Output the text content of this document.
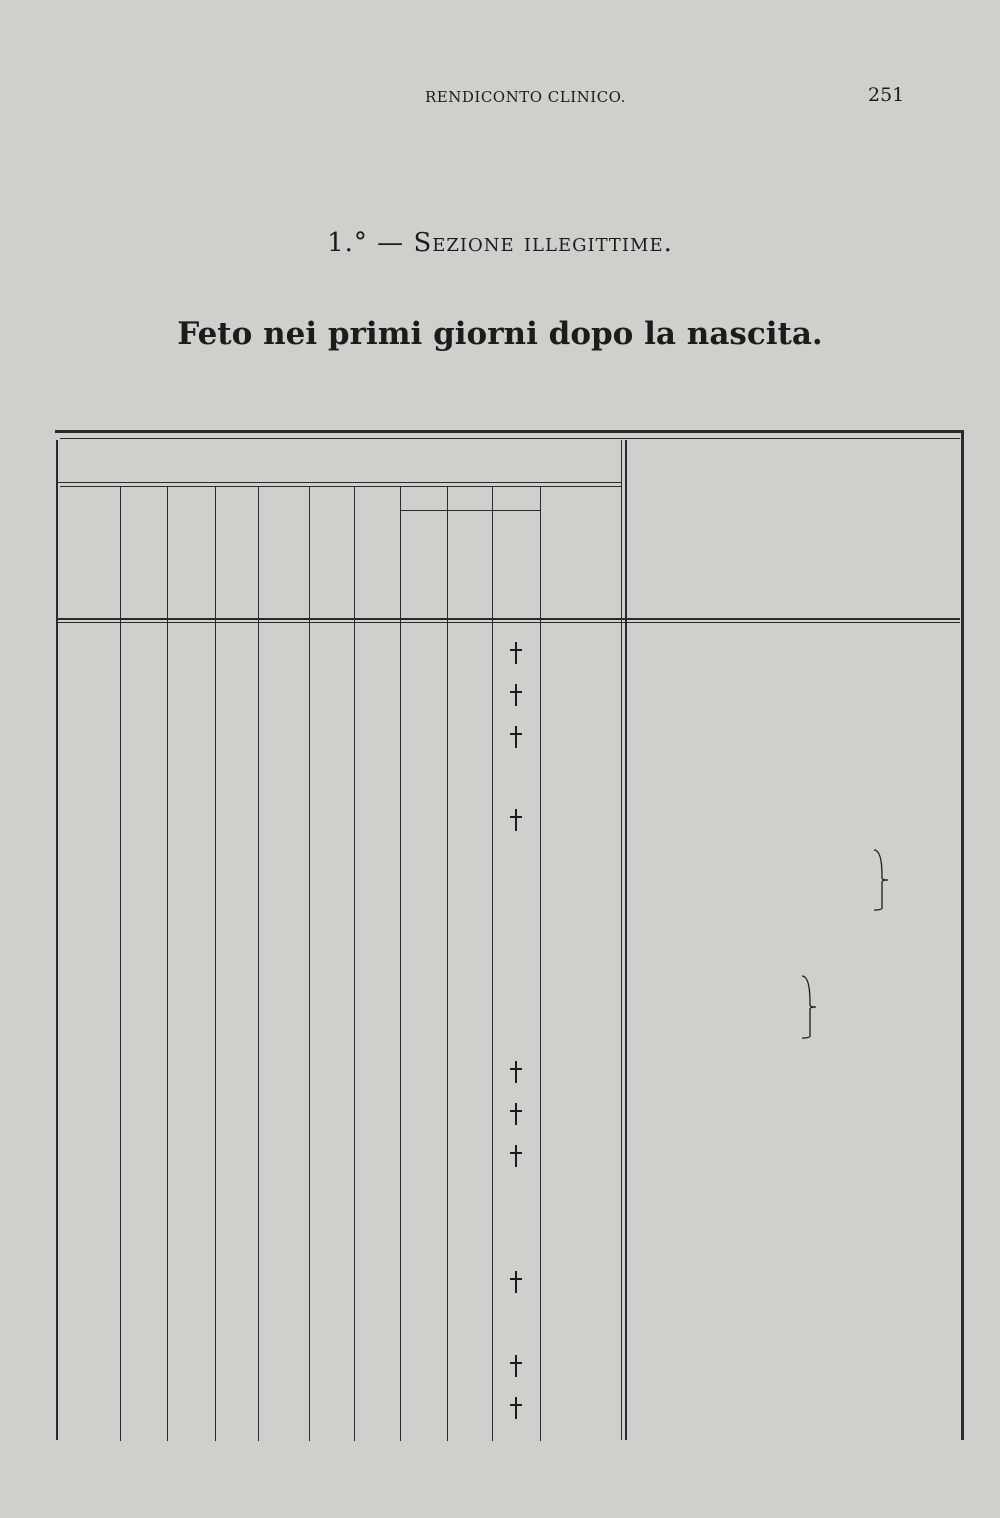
RENDICONTO CLINICO.	251
1.° — Sezione illegittime.
Feto nei primi giorni dopo la nascita.
